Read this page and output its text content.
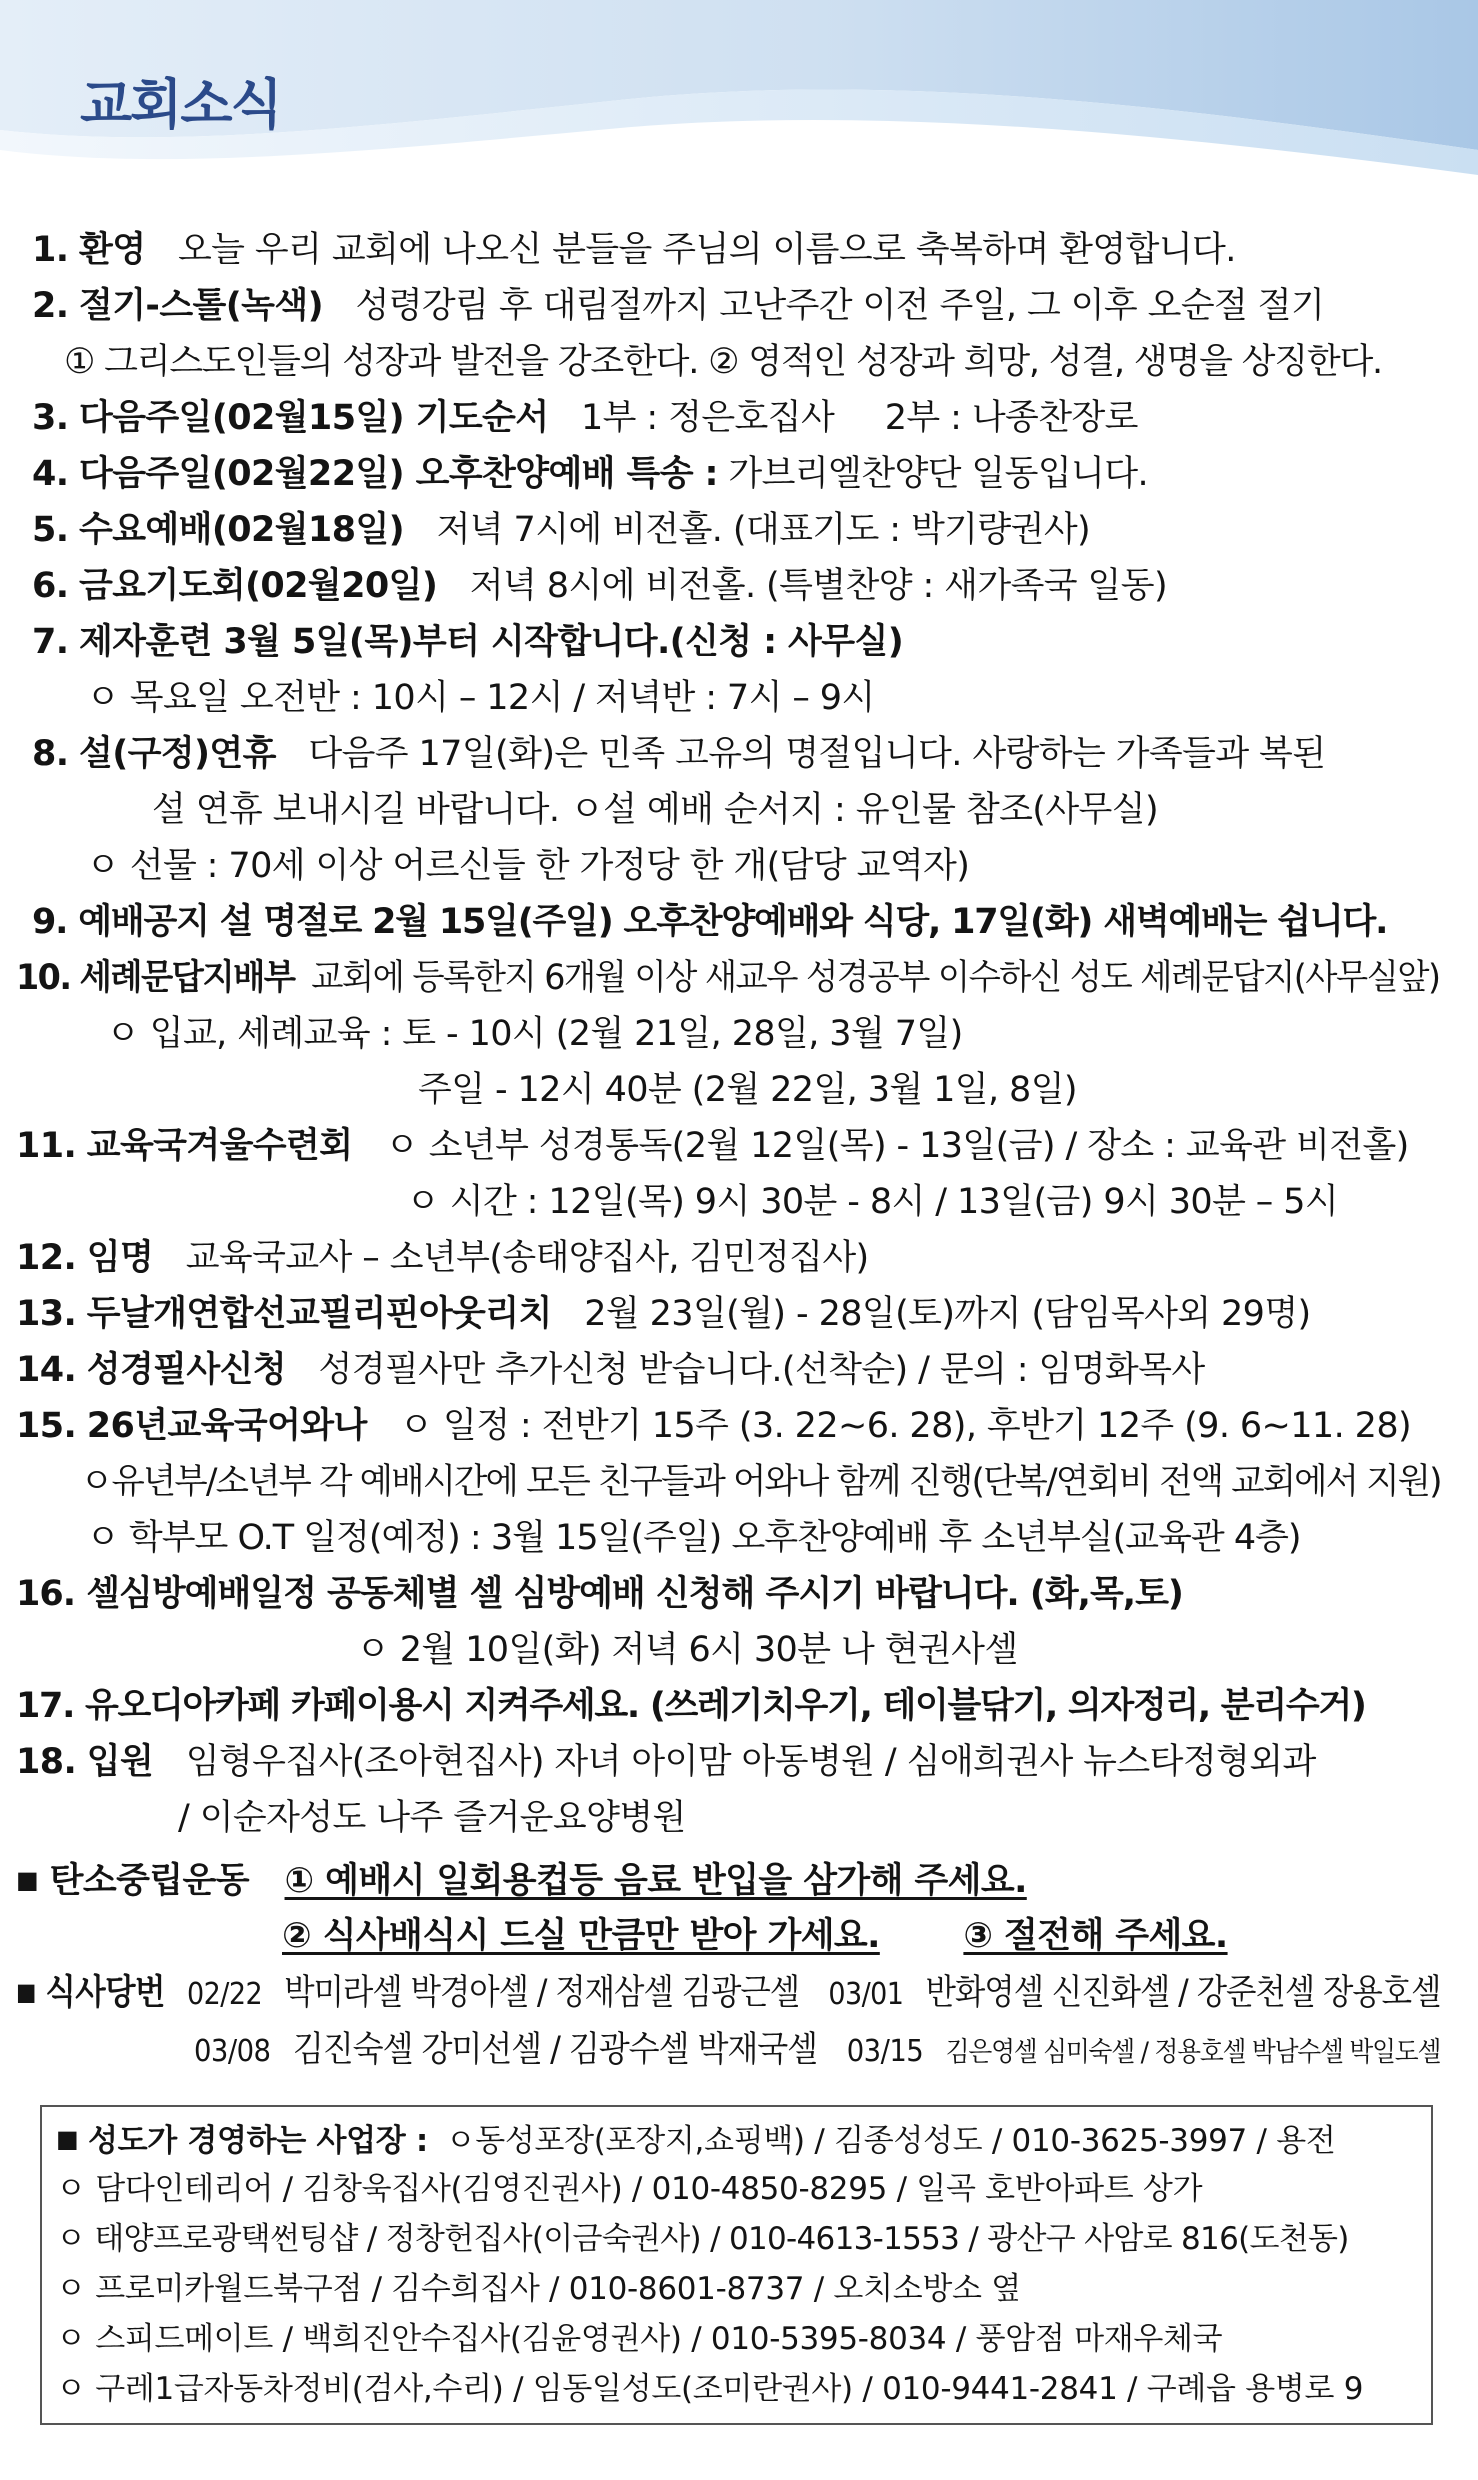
교회소식
1. 환영 오늘 우리 교회에 나오신 분들을 주님의 이름으로 축복하며 환영합니다.
2. 절기-스톨(녹색) 성령강림 후 대림절까지 고난주간 이전 주일, 그 이후 오순절 절기
① 그리스도인들의 성장과 발전을 강조한다. ② 영적인 성장과 희망, 성결, 생명을 상징한다.
3. 다음주일(02월15일) 기도순서 1부 : 정은호집사 2부 : 나종찬장로
4. 다음주일(02월22일) 오후찬양예배 특송 : 가브리엘찬양단 일동입니다.
5. 수요예배(02월18일) 저녁 7시에 비전홀. (대표기도 : 박기량권사)
6. 금요기도회(02월20일) 저녁 8시에 비전홀. (특별찬양 : 새가족국 일동)
7. 제자훈련 3월 5일(목)부터 시작합니다.(신청 : 사무실)
ㅇ 목요일 오전반 : 10시 – 12시 / 저녁반 : 7시 – 9시
8. 설(구정)연휴 다음주 17일(화)은 민족 고유의 명절입니다. 사랑하는 가족들과 복된
설 연휴 보내시길 바랍니다. ㅇ설 예배 순서지 : 유인물 참조(사무실)
ㅇ 선물 : 70세 이상 어르신들 한 가정당 한 개(담당 교역자)
9. 예배공지 설 명절로 2월 15일(주일) 오후찬양예배와 식당, 17일(화) 새벽예배는 쉽니다.
10. 세례문답지배부 교회에 등록한지 6개월 이상 새교우 성경공부 이수하신 성도 세례문답지(사무실앞)
ㅇ 입교, 세례교육 : 토 - 10시 (2월 21일, 28일, 3월 7일)
주일 - 12시 40분 (2월 22일, 3월 1일, 8일)
11. 교육국겨울수련회 ㅇ 소년부 성경통독(2월 12일(목) - 13일(금) / 장소 : 교육관 비전홀)
ㅇ 시간 : 12일(목) 9시 30분 - 8시 / 13일(금) 9시 30분 – 5시
12. 임명 교육국교사 – 소년부(송태양집사, 김민정집사)
13. 두날개연합선교필리핀아웃리치 2월 23일(월) - 28일(토)까지 (담임목사외 29명)
14. 성경필사신청 성경필사만 추가신청 받습니다.(선착순) / 문의 : 임명화목사
15. 26년교육국어와나 ㅇ 일정 : 전반기 15주 (3. 22~6. 28), 후반기 12주 (9. 6~11. 28)
ㅇ유년부/소년부 각 예배시간에 모든 친구들과 어와나 함께 진행(단복/연회비 전액 교회에서 지원)
ㅇ 학부모 O.T 일정(예정) : 3월 15일(주일) 오후찬양예배 후 소년부실(교육관 4층)
16. 셀심방예배일정 공동체별 셀 심방예배 신청해 주시기 바랍니다. (화,목,토)
ㅇ 2월 10일(화) 저녁 6시 30분 나 현권사셀
17. 유오디아카페 카페이용시 지켜주세요. (쓰레기치우기, 테이블닦기, 의자정리, 분리수거)
18. 입원 임형우집사(조아현집사) 자녀 아이맘 아동병원 / 심애희권사 뉴스타정형외과
/ 이순자성도 나주 즐거운요양병원
■ 탄소중립운동 ① 예배시 일회용컵등 음료 반입을 삼가해 주세요.
② 식사배식시 드실 만큼만 받아 가세요. ③ 절전해 주세요.
■ 식사당번 02/22 박미라셀 박경아셀 / 정재삼셀 김광근셀 03/01 반화영셀 신진화셀 / 강준천셀 장용호셀
03/08 김진숙셀 강미선셀 / 김광수셀 박재국셀 03/15 김은영셀 심미숙셀 / 정용호셀 박남수셀 박일도셀
■ 성도가 경영하는 사업장 : ㅇ동성포장(포장지,쇼핑백) / 김종성성도 / 010-3625-3997 / 용전
ㅇ 담다인테리어 / 김창욱집사(김영진권사) / 010-4850-8295 / 일곡 호반아파트 상가
ㅇ 태양프로광택썬팅샵 / 정창헌집사(이금숙권사) / 010-4613-1553 / 광산구 사암로 816(도천동)
ㅇ 프로미카월드북구점 / 김수희집사 / 010-8601-8737 / 오치소방소 옆
ㅇ 스피드메이트 / 백희진안수집사(김윤영권사) / 010-5395-8034 / 풍암점 마재우체국
ㅇ 구레1급자동차정비(검사,수리) / 임동일성도(조미란권사) / 010-9441-2841 / 구례읍 용병로 9
